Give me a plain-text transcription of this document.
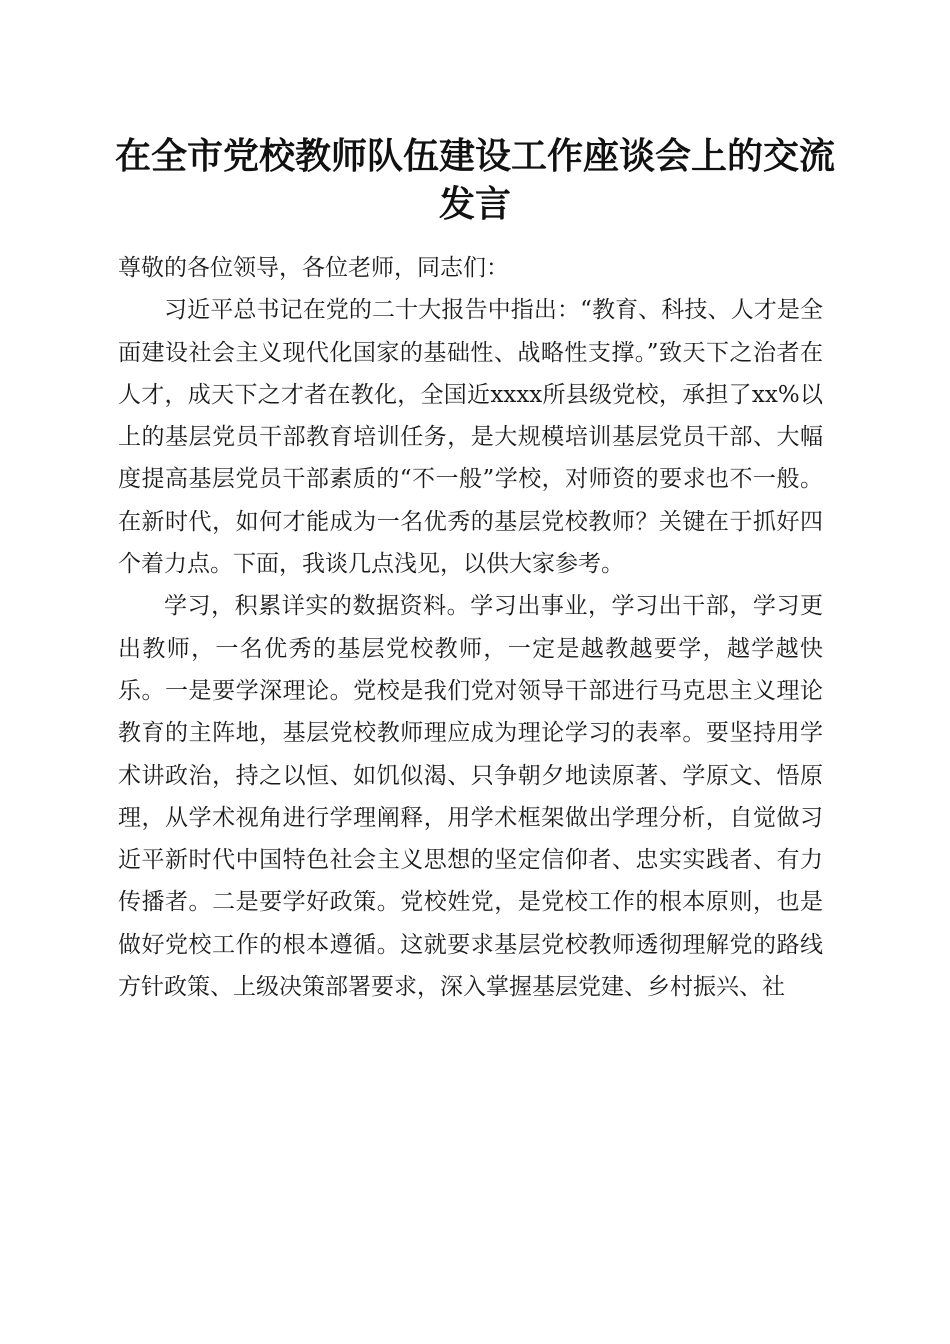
在全市党校教师队伍建设工作座谈会上的交流发言

尊敬的各位领导，各位老师，同志们：

习近平总书记在党的二十大报告中指出：“教育、科技、人才是全面建设社会主义现代化国家的基础性、战略性支撑。”致天下之治者在人才，成天下之才者在教化，全国近xxxx所县级党校，承担了xx%以上的基层党员干部教育培训任务，是大规模培训基层党员干部、大幅度提高基层党员干部素质的“不一般”学校，对师资的要求也不一般。在新时代，如何才能成为一名优秀的基层党校教师？关键在于抓好四个着力点。下面，我谈几点浅见，以供大家参考。

学习，积累详实的数据资料。学习出事业，学习出干部，学习更出教师，一名优秀的基层党校教师，一定是越教越要学，越学越快乐。一是要学深理论。党校是我们党对领导干部进行马克思主义理论教育的主阵地，基层党校教师理应成为理论学习的表率。要坚持用学术讲政治，持之以恒、如饥似渴、只争朝夕地读原著、学原文、悟原理，从学术视角进行学理阐释，用学术框架做出学理分析，自觉做习近平新时代中国特色社会主义思想的坚定信仰者、忠实实践者、有力传播者。二是要学好政策。党校姓党，是党校工作的根本原则，也是做好党校工作的根本遵循。这就要求基层党校教师透彻理解党的路线方针政策、上级决策部署要求，深入掌握基层党建、乡村振兴、社
